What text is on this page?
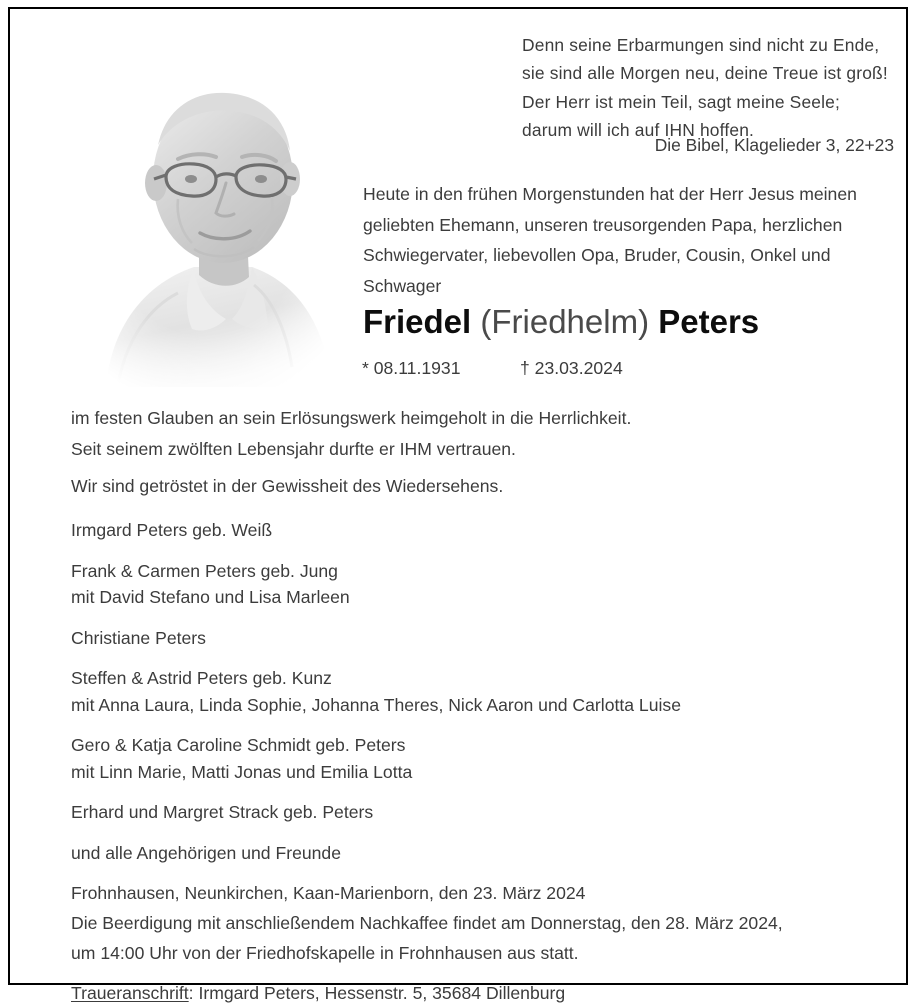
Denn seine Erbarmungen sind nicht zu Ende,
sie sind alle Morgen neu, deine Treue ist groß!
Der Herr ist mein Teil, sagt meine Seele;
darum will ich auf IHN hoffen.
Die Bibel, Klagelieder 3, 22+23
Heute in den frühen Morgenstunden hat der Herr Jesus meinen geliebten Ehemann, unseren treusorgenden Papa, herzlichen Schwiegervater, liebevollen Opa, Bruder, Cousin, Onkel und Schwager
Friedel (Friedhelm) Peters
* 08.11.1931	† 23.03.2024

im festen Glauben an sein Erlösungswerk heimgeholt in die Herrlichkeit.

Seit seinem zwölften Lebensjahr durfte er IHM vertrauen.

Wir sind getröstet in der Gewissheit des Wiedersehens.

Irmgard Peters geb. Weiß
Frank & Carmen Peters geb. Jung
mit David Stefano und Lisa Marleen
Christiane Peters
Steffen & Astrid Peters geb. Kunz
mit Anna Laura, Linda Sophie, Johanna Theres, Nick Aaron und Carlotta Luise
Gero & Katja Caroline Schmidt geb. Peters
mit Linn Marie, Matti Jonas und Emilia Lotta
Erhard und Margret Strack geb. Peters
und alle Angehörigen und Freunde
Frohnhausen, Neunkirchen, Kaan-Marienborn, den 23. März 2024
Die Beerdigung mit anschließendem Nachkaffee findet am Donnerstag, den 28. März 2024,
um 14:00 Uhr von der Friedhofskapelle in Frohnhausen aus statt.
Traueranschrift: Irmgard Peters, Hessenstr. 5, 35684 Dillenburg
